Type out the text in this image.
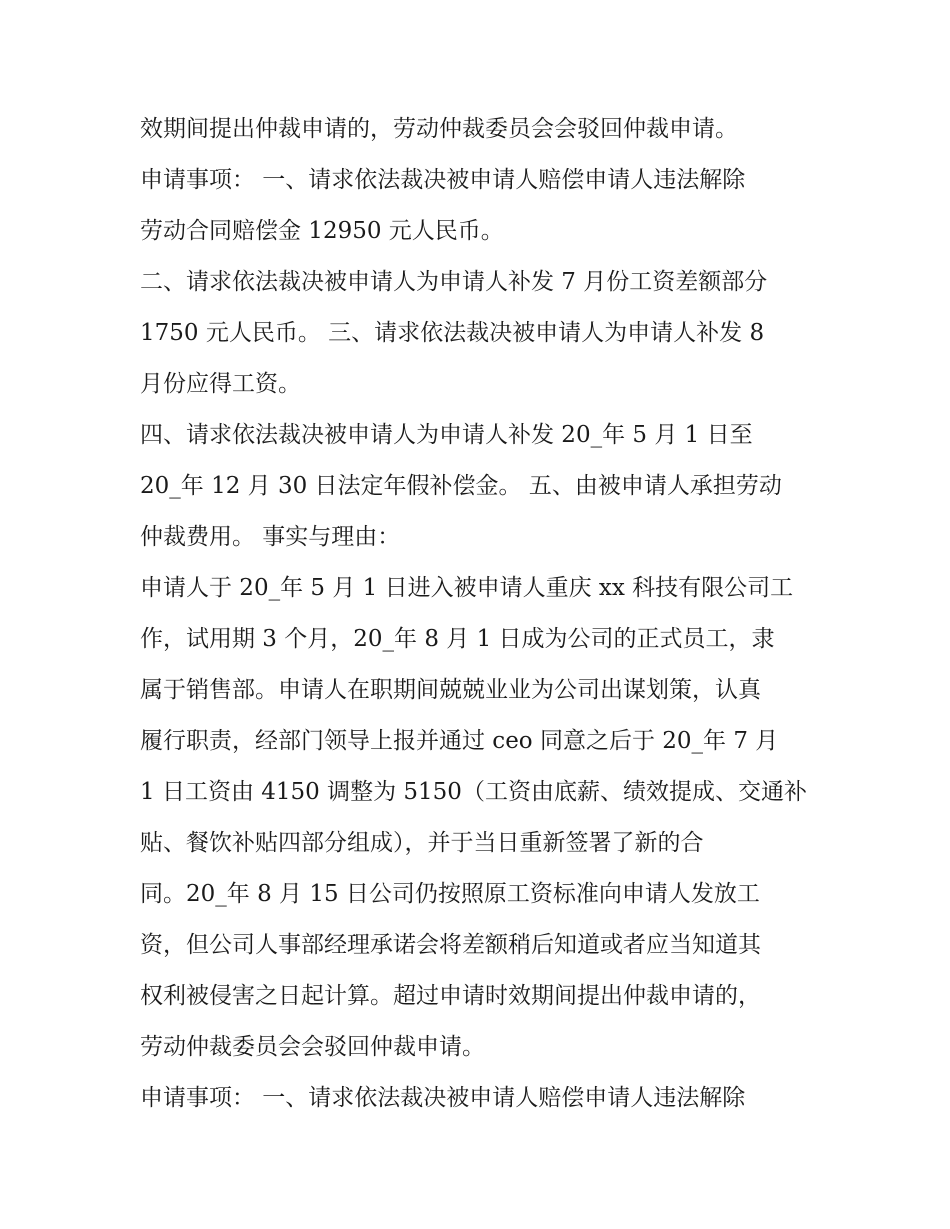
效期间提出仲裁申请的，劳动仲裁委员会会驳回仲裁申请。
申请事项： 一、请求依法裁决被申请人赔偿申请人违法解除
劳动合同赔偿金 12950 元人民币。
二、请求依法裁决被申请人为申请人补发 7 月份工资差额部分
1750 元人民币。 三、请求依法裁决被申请人为申请人补发 8
月份应得工资。
四、请求依法裁决被申请人为申请人补发 20_年 5 月 1 日至
20_年 12 月 30 日法定年假补偿金。 五、由被申请人承担劳动
仲裁费用。 事实与理由：
申请人于 20_年 5 月 1 日进入被申请人重庆 xx 科技有限公司工
作，试用期 3 个月，20_年 8 月 1 日成为公司的正式员工，隶
属于销售部。申请人在职期间兢兢业业为公司出谋划策，认真
履行职责，经部门领导上报并通过 ceo 同意之后于 20_年 7 月
1 日工资由 4150 调整为 5150（工资由底薪、绩效提成、交通补
贴、餐饮补贴四部分组成），并于当日重新签署了新的合
同。20_年 8 月 15 日公司仍按照原工资标准向申请人发放工
资，但公司人事部经理承诺会将差额稍后知道或者应当知道其
权利被侵害之日起计算。超过申请时效期间提出仲裁申请的，
劳动仲裁委员会会驳回仲裁申请。
申请事项： 一、请求依法裁决被申请人赔偿申请人违法解除
